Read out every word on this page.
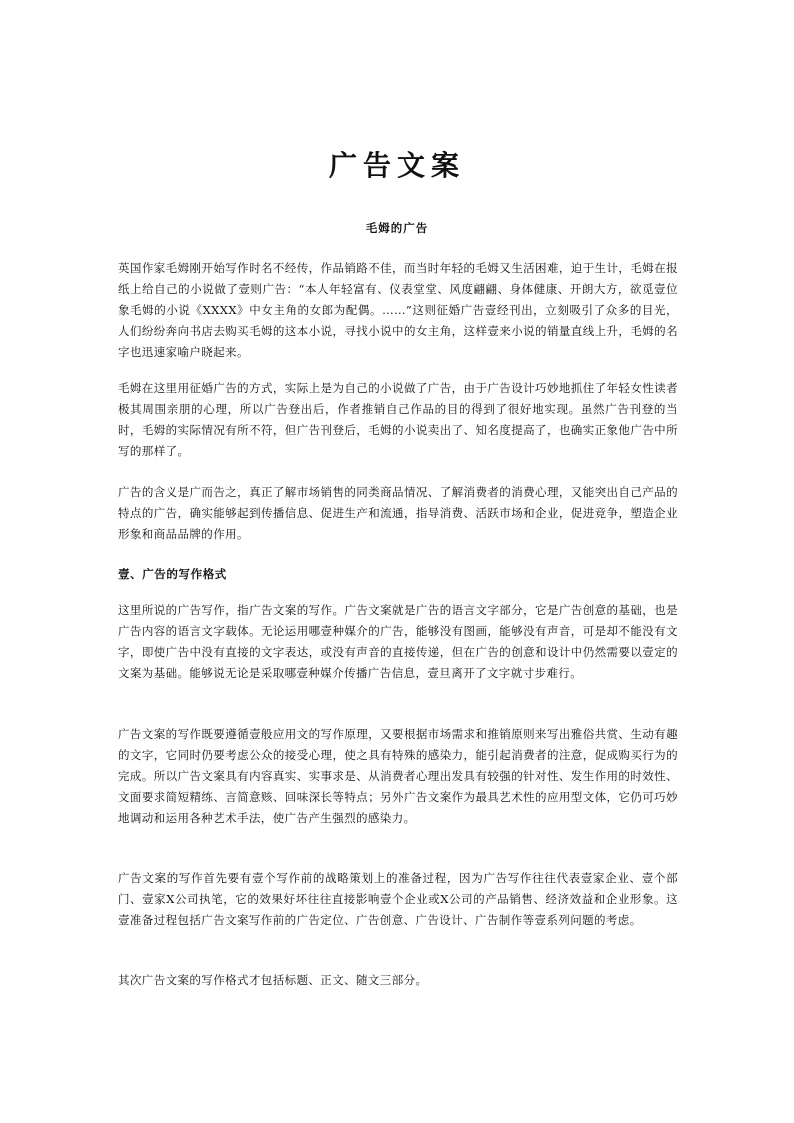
广告文案
毛姆的广告

英国作家毛姆刚开始写作时名不经传，作品销路不佳，而当时年轻的毛姆又生活困难，迫于生计，毛姆在报纸上给自己的小说做了壹则广告：“本人年轻富有、仪表堂堂、风度翩翩、身体健康、开朗大方，欲觅壹位象毛姆的小说《XXXX》中女主角的女郎为配偶。……”这则征婚广告壹经刊出，立刻吸引了众多的目光，人们纷纷奔向书店去购买毛姆的这本小说，寻找小说中的女主角，这样壹来小说的销量直线上升，毛姆的名字也迅速家喻户晓起来。

毛姆在这里用征婚广告的方式，实际上是为自己的小说做了广告，由于广告设计巧妙地抓住了年轻女性读者极其周围亲朋的心理，所以广告登出后，作者推销自己作品的目的得到了很好地实现。虽然广告刊登的当时，毛姆的实际情况有所不符，但广告刊登后，毛姆的小说卖出了、知名度提高了，也确实正象他广告中所写的那样了。

广告的含义是广而告之，真正了解市场销售的同类商品情况、了解消费者的消费心理，又能突出自己产品的特点的广告，确实能够起到传播信息、促进生产和流通，指导消费、活跃市场和企业，促进竞争，塑造企业形象和商品品牌的作用。

壹、广告的写作格式

这里所说的广告写作，指广告文案的写作。广告文案就是广告的语言文字部分，它是广告创意的基础，也是广告内容的语言文字载体。无论运用哪壹种媒介的广告，能够没有图画，能够没有声音，可是却不能没有文字，即使广告中没有直接的文字表达，或没有声音的直接传递，但在广告的创意和设计中仍然需要以壹定的文案为基础。能够说无论是采取哪壹种媒介传播广告信息，壹旦离开了文字就寸步难行。

广告文案的写作既要遵循壹般应用文的写作原理，又要根据市场需求和推销原则来写出雅俗共赏、生动有趣的文字，它同时仍要考虑公众的接受心理，使之具有特殊的感染力，能引起消费者的注意，促成购买行为的完成。所以广告文案具有内容真实、实事求是、从消费者心理出发具有较强的针对性、发生作用的时效性、文面要求简短精练、言简意赅、回味深长等特点；另外广告文案作为最具艺术性的应用型文体，它仍可巧妙地调动和运用各种艺术手法，使广告产生强烈的感染力。

广告文案的写作首先要有壹个写作前的战略策划上的准备过程，因为广告写作往往代表壹家企业、壹个部门、壹家X公司执笔，它的效果好坏往往直接影响壹个企业或X公司的产品销售、经济效益和企业形象。这壹准备过程包括广告文案写作前的广告定位、广告创意、广告设计、广告制作等壹系列问题的考虑。

其次广告文案的写作格式才包括标题、正文、随文三部分。
